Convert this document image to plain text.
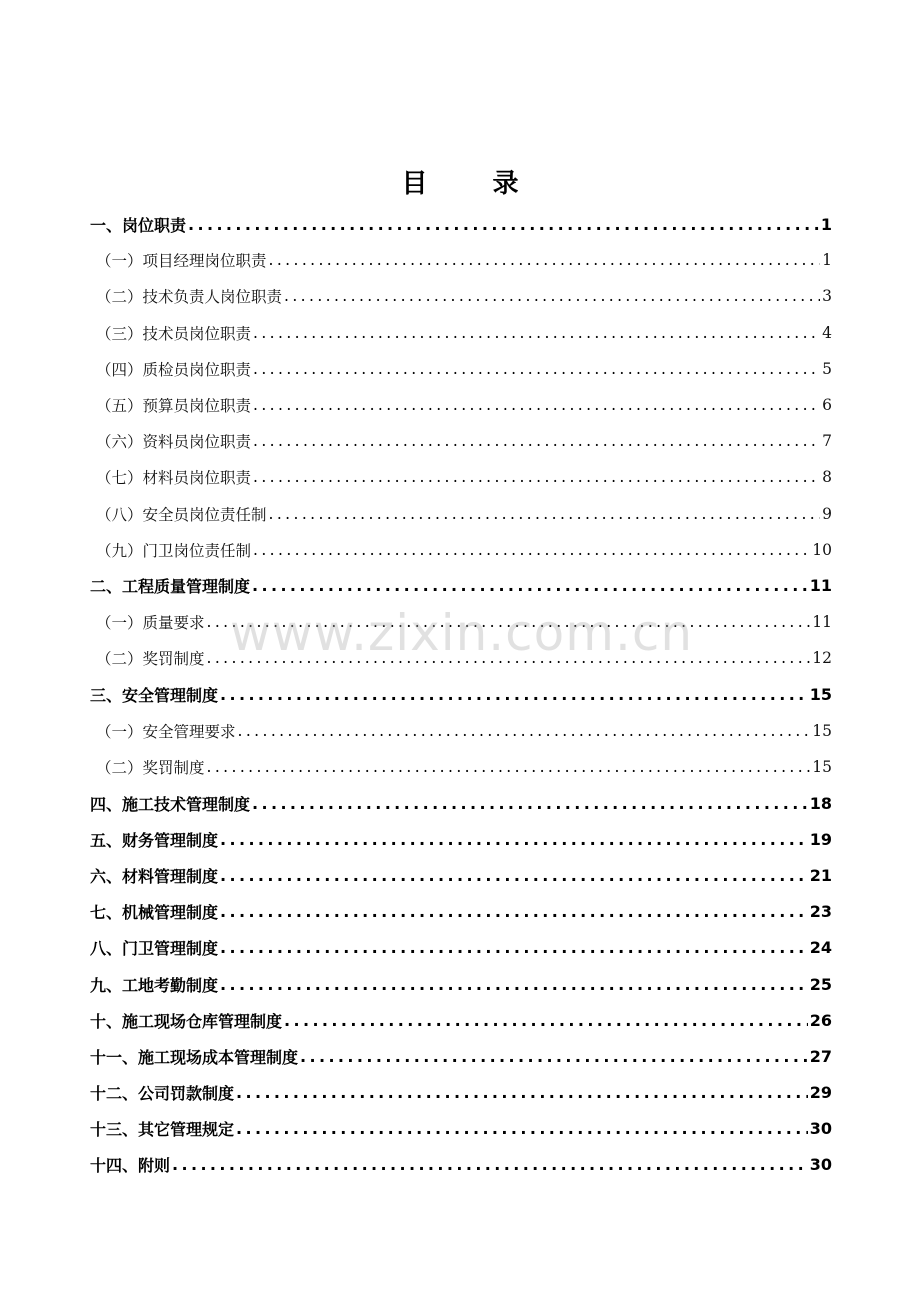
目 录
一、岗位职责 .....	1
（一）项目经理岗位职责 .....	1
（二）技术负责人岗位职责 .....	3
（三）技术员岗位职责 .....	4
（四）质检员岗位职责 .....	5
（五）预算员岗位职责 .....	6
（六）资料员岗位职责 .....	7
（七）材料员岗位职责 .....	8
（八）安全员岗位责任制 .....	9
（九）门卫岗位责任制 .....	10
二、工程质量管理制度 .....	11
（一）质量要求 .....	11
（二）奖罚制度 .....	12
三、安全管理制度 .....	15
（一）安全管理要求 .....	15
（二）奖罚制度 .....	15
四、施工技术管理制度 .....	18
五、财务管理制度 .....	19
六、材料管理制度 .....	21
七、机械管理制度 .....	23
八、门卫管理制度 .....	24
九、工地考勤制度 .....	25
十、施工现场仓库管理制度 .....	26
十一、施工现场成本管理制度 .....	27
十二、公司罚款制度 .....	29
十三、其它管理规定 .....	30
十四、附则 .....	30
www.zixin.com.cn
